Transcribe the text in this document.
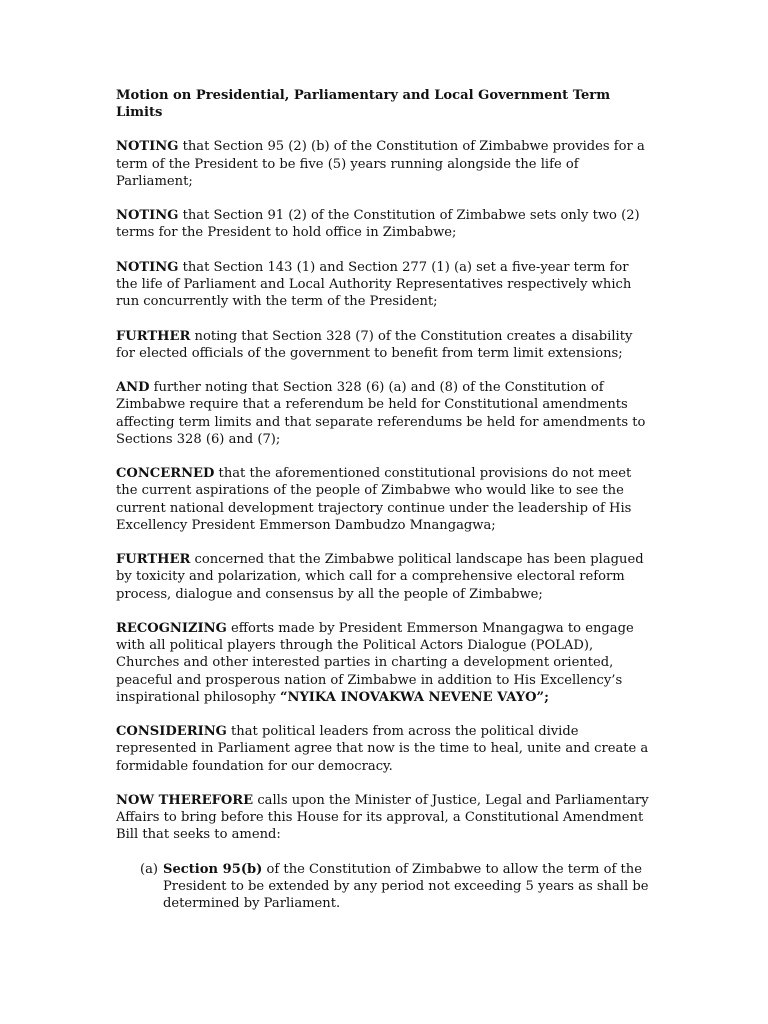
Motion on Presidential, Parliamentary and Local Government Term Limits

NOTING that Section 95 (2) (b) of the Constitution of Zimbabwe provides for a term of the President to be five (5) years running alongside the life of Parliament;

NOTING that Section 91 (2) of the Constitution of Zimbabwe sets only two (2) terms for the President to hold office in Zimbabwe;

NOTING that Section 143 (1) and Section 277 (1) (a) set a five-year term for the life of Parliament and Local Authority Representatives respectively which run concurrently with the term of the President;

FURTHER noting that Section 328 (7) of the Constitution creates a disability for elected officials of the government to benefit from term limit extensions;

AND further noting that Section 328 (6) (a) and (8) of the Constitution of Zimbabwe require that a referendum be held for Constitutional amendments affecting term limits and that separate referendums be held for amendments to Sections 328 (6) and (7);

CONCERNED that the aforementioned constitutional provisions do not meet the current aspirations of the people of Zimbabwe who would like to see the current national development trajectory continue under the leadership of His Excellency President Emmerson Dambudzo Mnangagwa;

FURTHER concerned that the Zimbabwe political landscape has been plagued by toxicity and polarization, which call for a comprehensive electoral reform process, dialogue and consensus by all the people of Zimbabwe;

RECOGNIZING efforts made by President Emmerson Mnangagwa to engage with all political players through the Political Actors Dialogue (POLAD), Churches and other interested parties in charting a development oriented, peaceful and prosperous nation of Zimbabwe in addition to His Excellency’s inspirational philosophy “NYIKA INOVAKWA NEVENE VAYO”;

CONSIDERING that political leaders from across the political divide represented in Parliament agree that now is the time to heal, unite and create a formidable foundation for our democracy.

NOW THEREFORE calls upon the Minister of Justice, Legal and Parliamentary Affairs to bring before this House for its approval, a Constitutional Amendment Bill that seeks to amend:

(a) Section 95(b) of the Constitution of Zimbabwe to allow the term of the President to be extended by any period not exceeding 5 years as shall be determined by Parliament.
